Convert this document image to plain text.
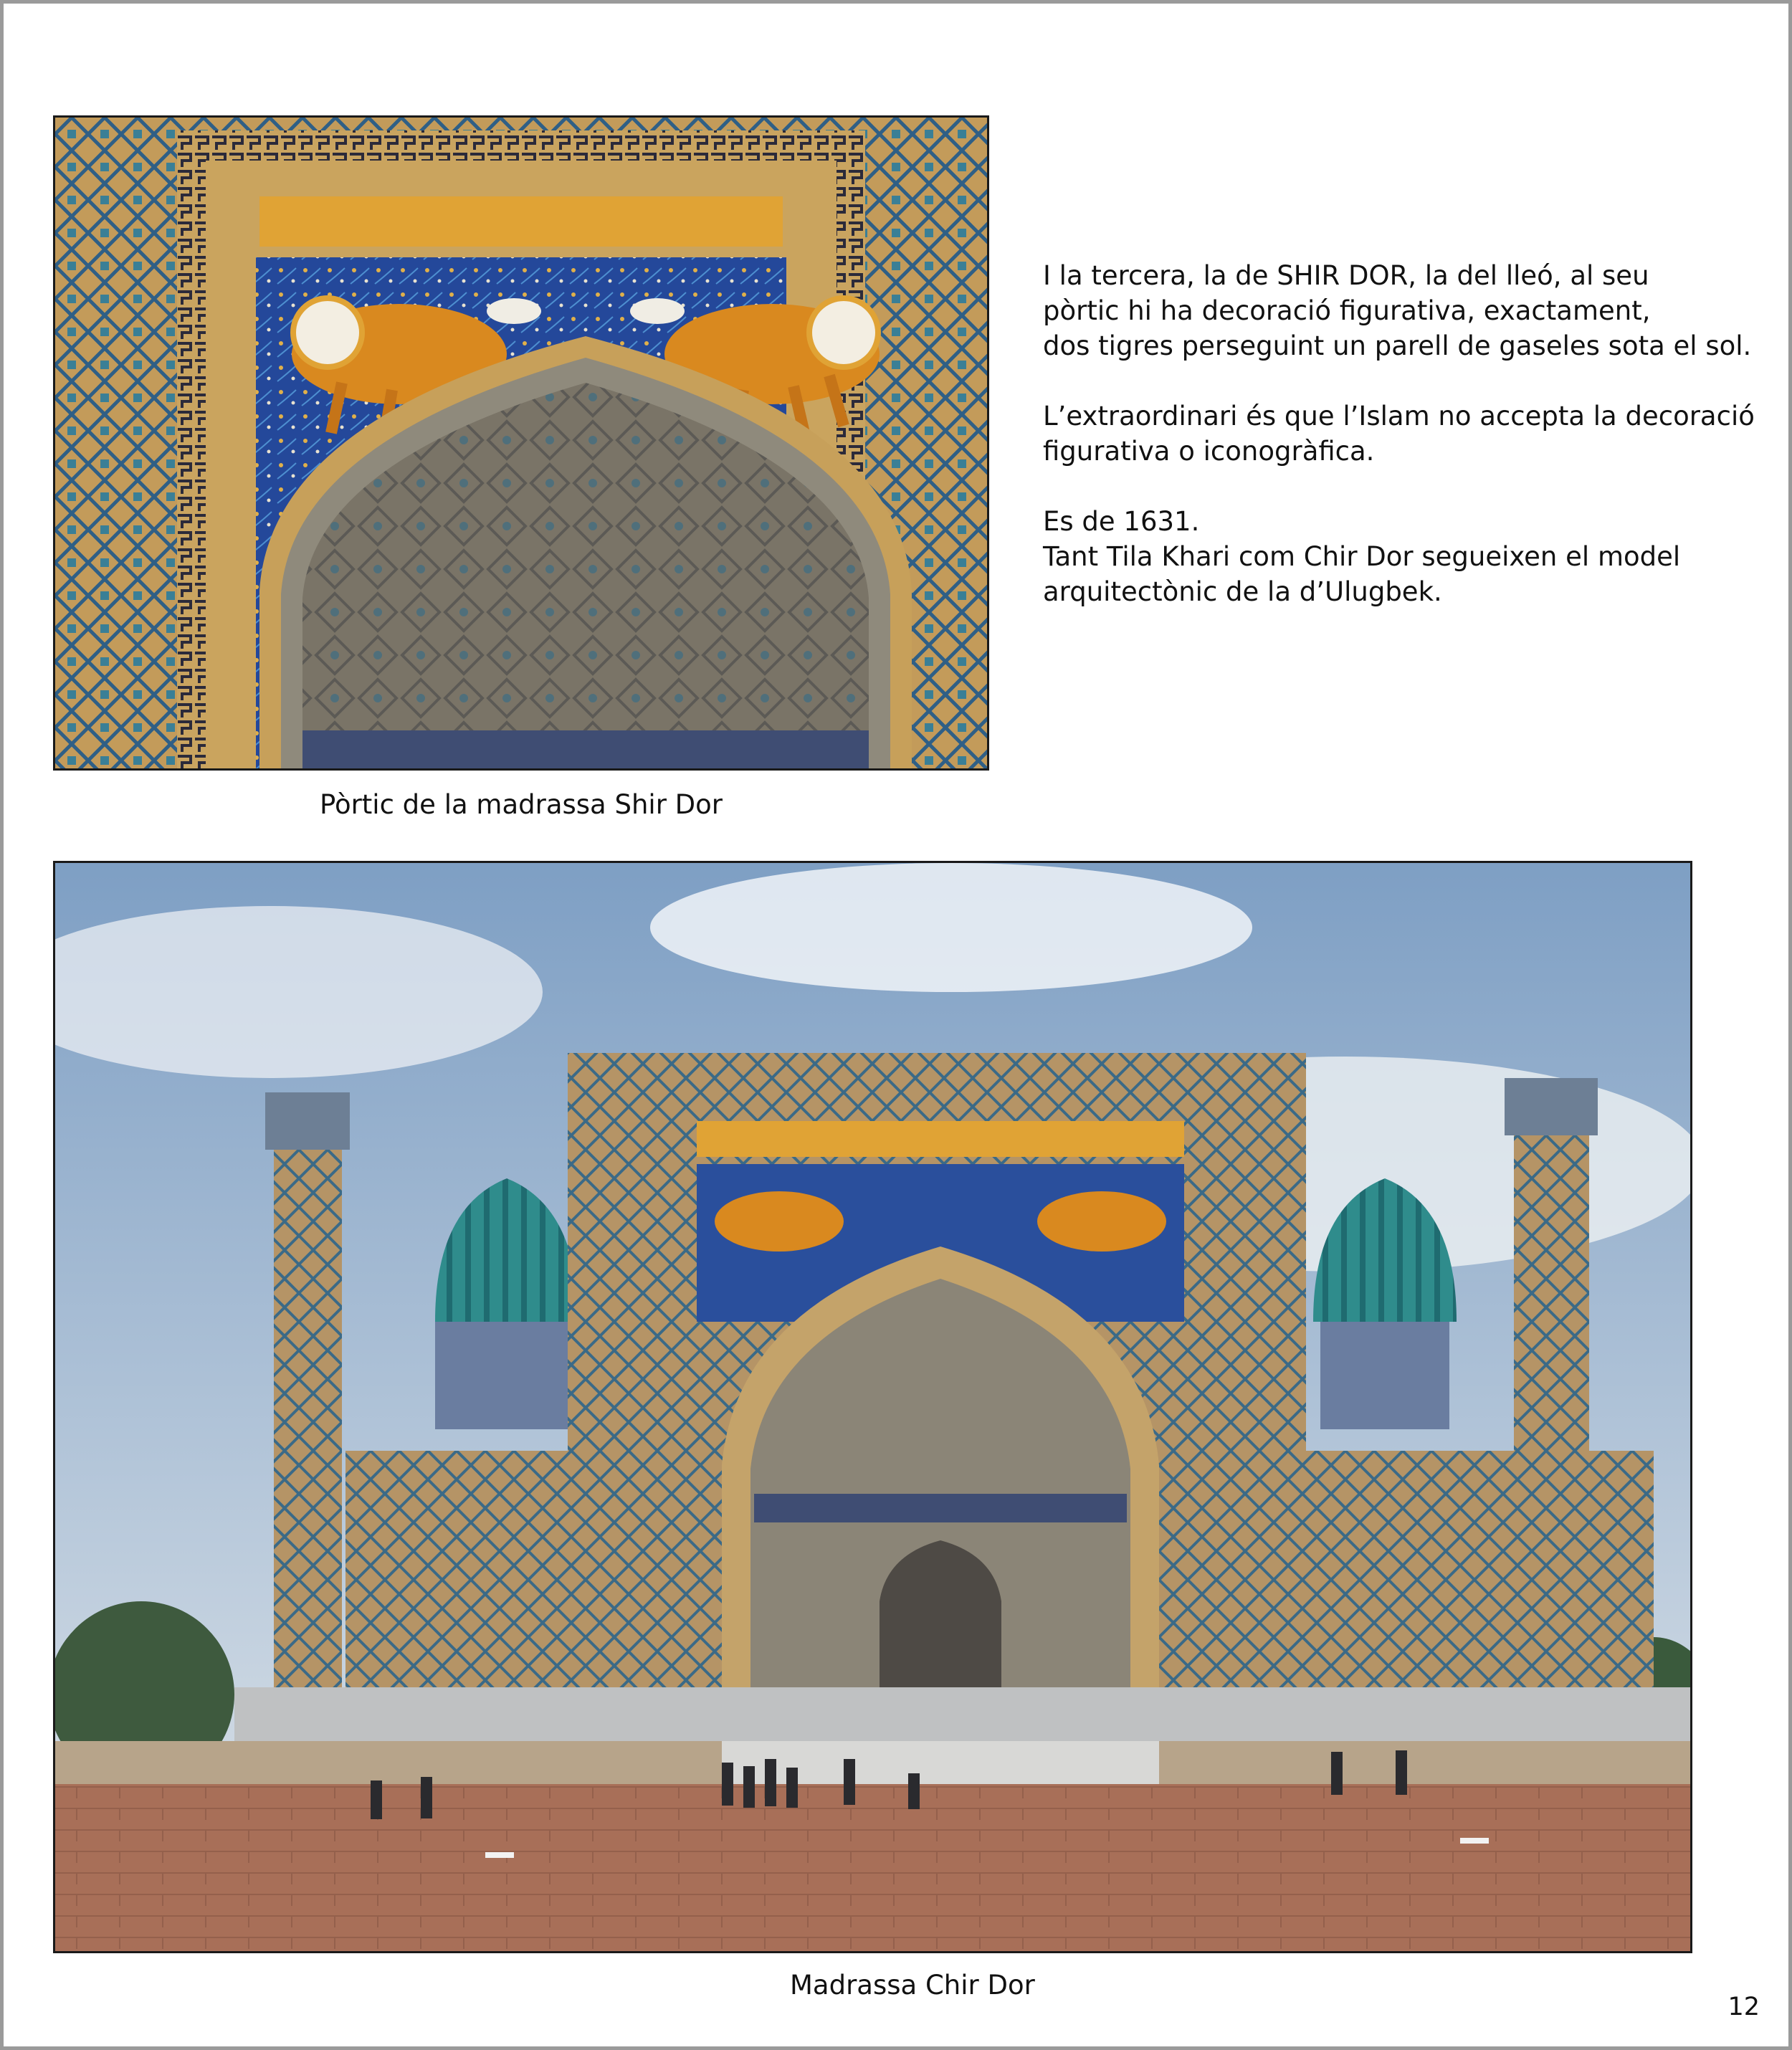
Pòrtic de la madrassa Shir Dor

I la tercera, la de SHIR DOR, la del lleó, al seu
pòrtic hi ha decoració figurativa, exactament,
dos tigres perseguint un parell de gaseles sota el sol.

L’extraordinari és que l’Islam no accepta la decoració
figurativa o iconogràfica.

Es de 1631.
Tant Tila Khari com Chir Dor segueixen el model
arquitectònic de la d’Ulugbek.

Madrassa Chir Dor
12
